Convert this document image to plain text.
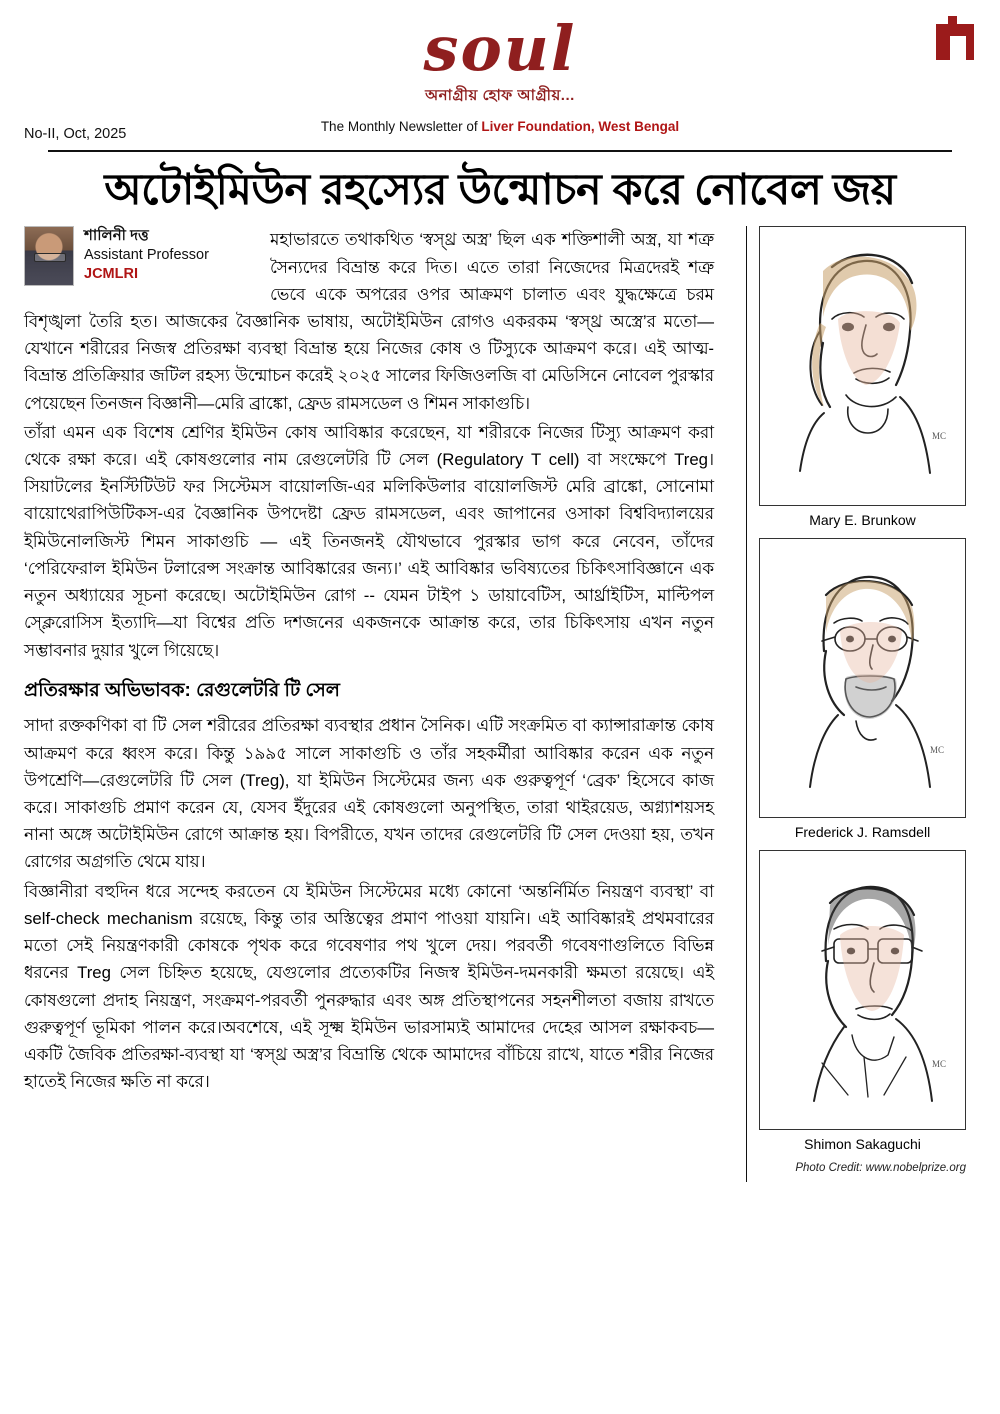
soul
অনাগ্রীয় হোফ আগ্রীয়...
The Monthly Newsletter of Liver Foundation, West Bengal
No-II, Oct, 2025
অটোইমিউন রহস্যের উন্মোচন করে নোবেল জয়
MC
Mary E. Brunkow
MC
Frederick J. Ramsdell
MC
Shimon Sakaguchi
Photo Credit: www.nobelprize.org
শালিনী দত্ত
Assistant Professor
JCMLRI

মহাভারতে তথাকথিত ‘স্বস্থ্র অস্ত্র’ ছিল এক শক্তিশালী অস্ত্র, যা শত্রু সৈন্যদের বিভ্রান্ত করে দিত। এতে তারা নিজেদের মিত্রদেরই শত্রু ভেবে একে অপরের ওপর আক্রমণ চালাত এবং যুদ্ধক্ষেত্রে চরম বিশৃঙ্খলা তৈরি হত। আজকের বৈজ্ঞানিক ভাষায়, অটোইমিউন রোগও একরকম ‘স্বস্থ্র অস্ত্রে’র মতো—যেখানে শরীরের নিজস্ব প্রতিরক্ষা ব্যবস্থা বিভ্রান্ত হয়ে নিজের কোষ ও টিস্যুকে আক্রমণ করে। এই আত্ম-বিভ্রান্ত প্রতিক্রিয়ার জটিল রহস্য উন্মোচন করেই ২০২৫ সালের ফিজিওলজি বা মেডিসিনে নোবেল পুরস্কার পেয়েছেন তিনজন বিজ্ঞানী—মেরি ব্রাঙ্কো, ফ্রেড রামসডেল ও শিমন সাকাগুচি।

তাঁরা এমন এক বিশেষ শ্রেণির ইমিউন কোষ আবিষ্কার করেছেন, যা শরীরকে নিজের টিস্যু আক্রমণ করা থেকে রক্ষা করে। এই কোষগুলোর নাম রেগুলেটরি টি সেল (Regulatory T cell) বা সংক্ষেপে Treg। সিয়াটলের ইনস্টিটিউট ফর সিস্টেমস বায়োলজি-এর মলিকিউলার বায়োলজিস্ট মেরি ব্রাঙ্কো, সোনোমা বায়োথেরাপিউটিকস-এর বৈজ্ঞানিক উপদেষ্টা ফ্রেড রামসডেল, এবং জাপানের ওসাকা বিশ্ববিদ্যালয়ের ইমিউনোলজিস্ট শিমন সাকাগুচি — এই তিনজনই যৌথভাবে পুরস্কার ভাগ করে নেবেন, তাঁদের ‘পেরিফেরাল ইমিউন টলারেন্স সংক্রান্ত আবিষ্কারের জন্য।’ এই আবিষ্কার ভবিষ্যতের চিকিৎসাবিজ্ঞানে এক নতুন অধ্যায়ের সূচনা করেছে। অটোইমিউন রোগ -- যেমন টাইপ ১ ডায়াবেটিস, আর্থ্রাইটিস, মাল্টিপল স্ক্লেরোসিস ইত্যাদি—যা বিশ্বের প্রতি দশজনের একজনকে আক্রান্ত করে, তার চিকিৎসায় এখন নতুন সম্ভাবনার দুয়ার খুলে গিয়েছে।

প্রতিরক্ষার অভিভাবক: রেগুলেটরি টি সেল

সাদা রক্তকণিকা বা টি সেল শরীরের প্রতিরক্ষা ব্যবস্থার প্রধান সৈনিক। এটি সংক্রমিত বা ক্যান্সারাক্রান্ত কোষ আক্রমণ করে ধ্বংস করে। কিন্তু ১৯৯৫ সালে সাকাগুচি ও তাঁর সহকর্মীরা আবিষ্কার করেন এক নতুন উপশ্রেণি—রেগুলেটরি টি সেল (Treg), যা ইমিউন সিস্টেমের জন্য এক গুরুত্বপূর্ণ ‘ব্রেক’ হিসেবে কাজ করে। সাকাগুচি প্রমাণ করেন যে, যেসব ইঁদুরের এই কোষগুলো অনুপস্থিত, তারা থাইরয়েড, অগ্ন্যাশয়সহ নানা অঙ্গে অটোইমিউন রোগে আক্রান্ত হয়। বিপরীতে, যখন তাদের রেগুলেটরি টি সেল দেওয়া হয়, তখন রোগের অগ্রগতি থেমে যায়।

বিজ্ঞানীরা বহুদিন ধরে সন্দেহ করতেন যে ইমিউন সিস্টেমের মধ্যে কোনো ‘অন্তর্নির্মিত নিয়ন্ত্রণ ব্যবস্থা’ বা self-check mechanism রয়েছে, কিন্তু তার অস্তিত্বের প্রমাণ পাওয়া যায়নি। এই আবিষ্কারই প্রথমবারের মতো সেই নিয়ন্ত্রণকারী কোষকে পৃথক করে গবেষণার পথ খুলে দেয়। পরবর্তী গবেষণাগুলিতে বিভিন্ন ধরনের Treg সেল চিহ্নিত হয়েছে, যেগুলোর প্রত্যেকটির নিজস্ব ইমিউন-দমনকারী ক্ষমতা রয়েছে। এই কোষগুলো প্রদাহ নিয়ন্ত্রণ, সংক্রমণ-পরবর্তী পুনরুদ্ধার এবং অঙ্গ প্রতিস্থাপনের সহনশীলতা বজায় রাখতে গুরুত্বপূর্ণ ভূমিকা পালন করে।অবশেষে, এই সূক্ষ্ম ইমিউন ভারসাম্যই আমাদের দেহের আসল রক্ষাকবচ—একটি জৈবিক প্রতিরক্ষা-ব্যবস্থা যা ‘স্বস্থ্র অস্ত্র’র বিভ্রান্তি থেকে আমাদের বাঁচিয়ে রাখে, যাতে শরীর নিজের হাতেই নিজের ক্ষতি না করে।
